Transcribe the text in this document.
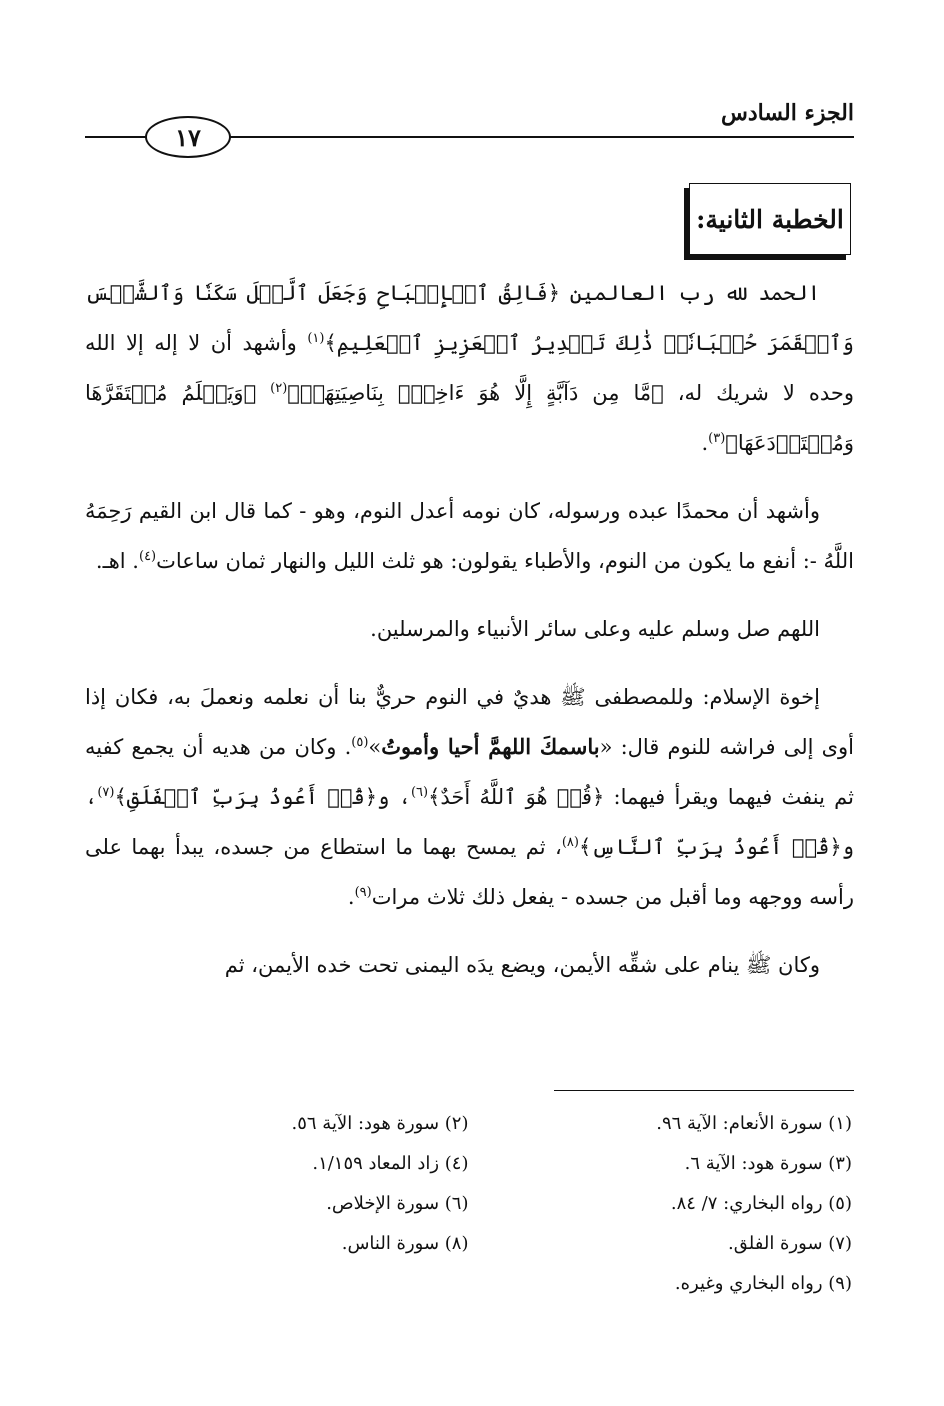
الجزء السادس
١٧
الخطبة الثانية:

الحمد لله رب العالمين ﴿فَالِقُ ٱلۡإِصۡبَاحِ وَجَعَلَ ٱلَّيۡلَ سَكَنٗا وَٱلشَّمۡسَ وَٱلۡقَمَرَ حُسۡبَانٗاۚ ذَٰلِكَ تَقۡدِيرُ ٱلۡعَزِيزِ ٱلۡعَلِيمِ﴾$^{(١)}$ وأشهد أن لا إله إلا الله وحده لا شريك له، ﴿مَّا مِن دَآبَّةٍ إِلَّا هُوَ ءَاخِذُۢ بِنَاصِيَتِهَآۚ﴾$^{(٢)}$ ﴿وَيَعۡلَمُ مُسۡتَقَرَّهَا وَمُسۡتَوۡدَعَهَا﴾$^{(٣)}$.

وأشهد أن محمدًا عبده ورسوله، كان نومه أعدل النوم، وهو - كما قال ابن القيم رَحِمَهُ اللَّهُ -: أنفع ما يكون من النوم، والأطباء يقولون: هو ثلث الليل والنهار ثمان ساعات$^{(٤)}$. اهـ.

اللهم صل وسلم عليه وعلى سائر الأنبياء والمرسلين.

إخوة الإسلام: وللمصطفى ﷺ هديٌ في النوم حريٌّ بنا أن نعلمه ونعملَ به، فكان إذا أوى إلى فراشه للنوم قال: «باسمكَ اللهمَّ أحيا وأموتُ»$^{(٥)}$. وكان من هديه أن يجمع كفيه ثم ينفث فيهما ويقرأ فيهما: ﴿قُلۡ هُوَ ٱللَّهُ أَحَدٌ﴾$^{(٦)}$، و﴿قُلۡ أَعُوذُ بِرَبِّ ٱلۡفَلَقِ﴾$^{(٧)}$، و﴿قُلۡ أَعُوذُ بِرَبِّ ٱلنَّاسِ﴾$^{(٨)}$، ثم يمسح بهما ما استطاع من جسده، يبدأ بهما على رأسه ووجهه وما أقبل من جسده - يفعل ذلك ثلاث مرات$^{(٩)}$.

وكان ﷺ ينام على شقِّه الأيمن، ويضع يدَه اليمنى تحت خده الأيمن، ثم

(١) سورة الأنعام: الآية ٩٦.
(٢) سورة هود: الآية ٥٦.
(٣) سورة هود: الآية ٦.
(٤) زاد المعاد ١/١٥٩.
(٥) رواه البخاري: ٧/ ٨٤.
(٦) سورة الإخلاص.
(٧) سورة الفلق.
(٨) سورة الناس.
(٩) رواه البخاري وغيره.
